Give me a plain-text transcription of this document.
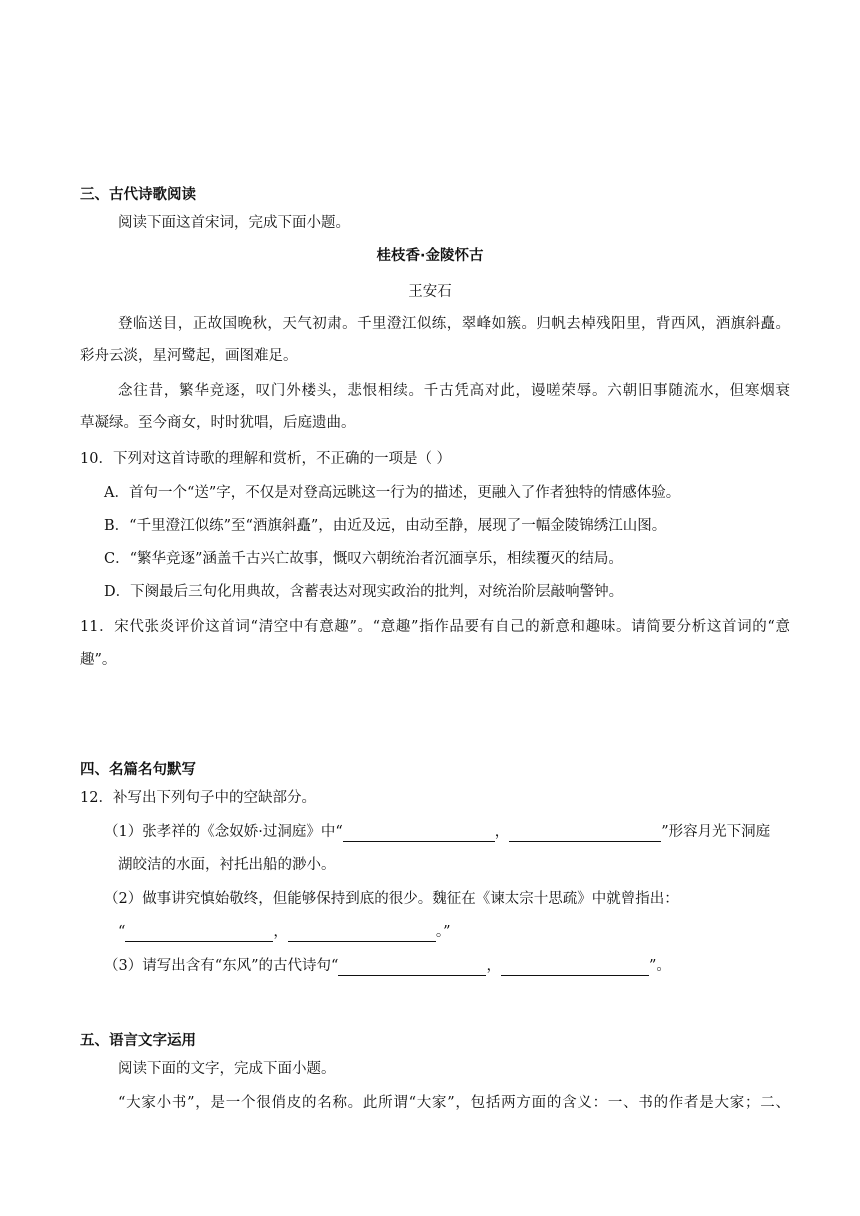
三、古代诗歌阅读
阅读下面这首宋词，完成下面小题。
桂枝香·金陵怀古
王安石
登临送目，正故国晚秋，天气初肃。千里澄江似练，翠峰如簇。归帆去棹残阳里，背西风，酒旗斜矗。
彩舟云淡，星河鹭起，画图难足。
念往昔，繁华竞逐，叹门外楼头，悲恨相续。千古凭高对此，谩嗟荣辱。六朝旧事随流水，但寒烟衰
草凝绿。至今商女，时时犹唱，后庭遗曲。
10．下列对这首诗歌的理解和赏析，不正确的一项是（ ）
A．首句一个“送”字，不仅是对登高远眺这一行为的描述，更融入了作者独特的情感体验。
B．“千里澄江似练”至“酒旗斜矗”，由近及远，由动至静，展现了一幅金陵锦绣江山图。
C．“繁华竞逐”涵盖千古兴亡故事，慨叹六朝统治者沉湎享乐，相续覆灭的结局。
D．下阕最后三句化用典故，含蓄表达对现实政治的批判，对统治阶层敲响警钟。
11．宋代张炎评价这首词“清空中有意趣”。“意趣”指作品要有自己的新意和趣味。请简要分析这首词的“意
趣”。
四、名篇名句默写
12．补写出下列句子中的空缺部分。
（1）张孝祥的《念奴娇·过洞庭》中“	，	”形容月光下洞庭
湖皎洁的水面，衬托出船的渺小。
（2）做事讲究慎始敬终，但能够保持到底的很少。魏征在《谏太宗十思疏》中就曾指出：
“	，	。”
（3）请写出含有“东风”的古代诗句“	，	”。
五、语言文字运用
阅读下面的文字，完成下面小题。
“大家小书”，是一个很俏皮的名称。此所谓“大家”，包括两方面的含义：一、书的作者是大家；二、
